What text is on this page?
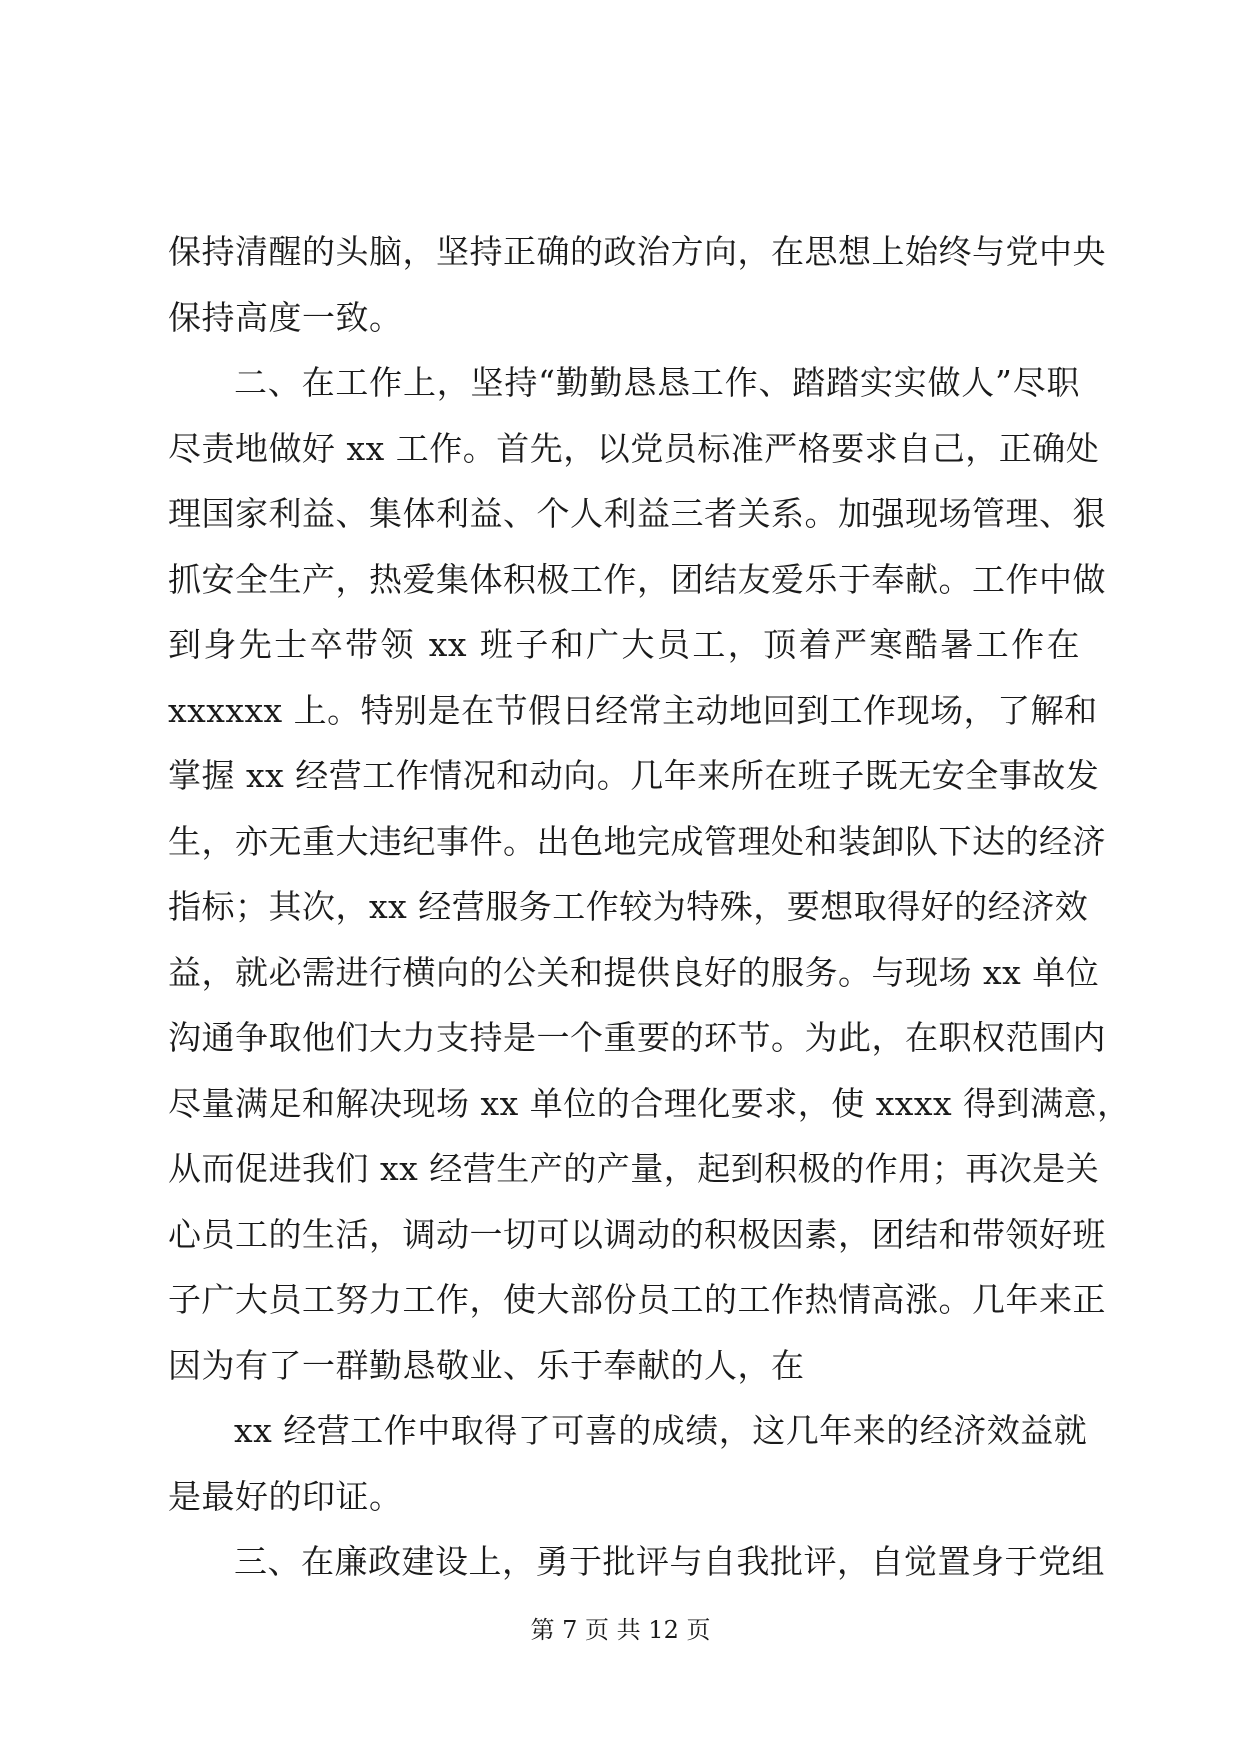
保持清醒的头脑，坚持正确的政治方向，在思想上始终与党中央
保持高度一致。
二、在工作上，坚持“勤勤恳恳工作、踏踏实实做人”尽职
尽责地做好 xx 工作。首先，以党员标准严格要求自己，正确处
理国家利益、集体利益、个人利益三者关系。加强现场管理、狠
抓安全生产，热爱集体积极工作，团结友爱乐于奉献。工作中做
到身先士卒带领 xx 班子和广大员工，顶着严寒酷暑工作在
xxxxxx 上。特别是在节假日经常主动地回到工作现场，了解和
掌握 xx 经营工作情况和动向。几年来所在班子既无安全事故发
生，亦无重大违纪事件。出色地完成管理处和装卸队下达的经济
指标；其次，xx 经营服务工作较为特殊，要想取得好的经济效
益，就必需进行横向的公关和提供良好的服务。与现场 xx 单位
沟通争取他们大力支持是一个重要的环节。为此，在职权范围内
尽量满足和解决现场 xx 单位的合理化要求，使 xxxx 得到满意，
从而促进我们 xx 经营生产的产量，起到积极的作用；再次是关
心员工的生活，调动一切可以调动的积极因素，团结和带领好班
子广大员工努力工作，使大部份员工的工作热情高涨。几年来正
因为有了一群勤恳敬业、乐于奉献的人，在
xx 经营工作中取得了可喜的成绩，这几年来的经济效益就
是最好的印证。
三、在廉政建设上，勇于批评与自我批评，自觉置身于党组
第 7 页 共 12 页
